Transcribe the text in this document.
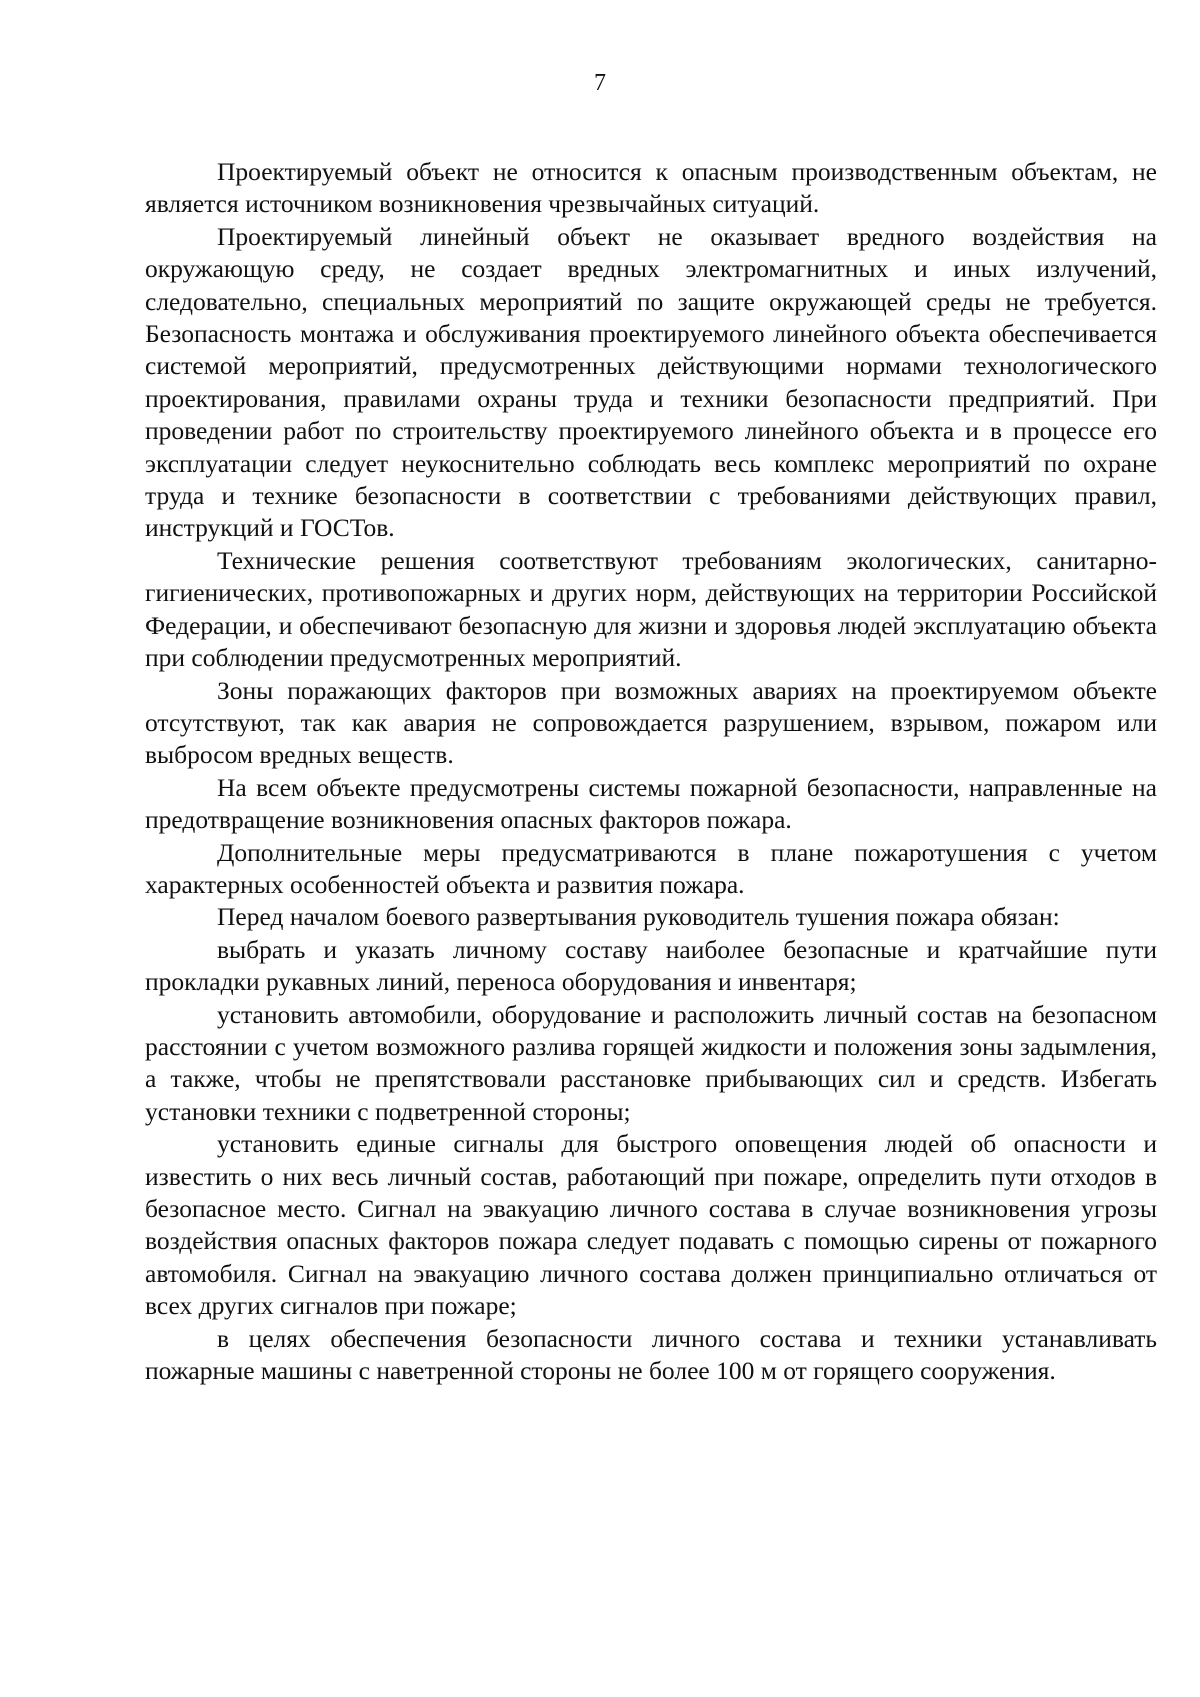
7

Проектируемый объект не относится к опасным производственным объектам, не является источником возникновения чрезвычайных ситуаций.

Проектируемый линейный объект не оказывает вредного воздействия на окружающую среду, не создает вредных электромагнитных и иных излучений, следовательно, специальных мероприятий по защите окружающей среды не требуется. Безопасность монтажа и обслуживания проектируемого линейного объекта обеспечивается системой мероприятий, предусмотренных действующими нормами технологического проектирования, правилами охраны труда и техники безопасности предприятий. При проведении работ по строительству проектируемого линейного объекта и в процессе его эксплуатации следует неукоснительно соблюдать весь комплекс мероприятий по охране труда и технике безопасности в соответствии с требованиями действующих правил, инструкций и ГОСТов.

Технические решения соответствуют требованиям экологических, санитарно-гигиенических, противопожарных и других норм, действующих на территории Российской Федерации, и обеспечивают безопасную для жизни и здоровья людей эксплуатацию объекта при соблюдении предусмотренных мероприятий.

Зоны поражающих факторов при возможных авариях на проектируемом объекте отсутствуют, так как авария не сопровождается разрушением, взрывом, пожаром или выбросом вредных веществ.

На всем объекте предусмотрены системы пожарной безопасности, направленные на предотвращение возникновения опасных факторов пожара.

Дополнительные меры предусматриваются в плане пожаротушения с учетом характерных особенностей объекта и развития пожара.

Перед началом боевого развертывания руководитель тушения пожара обязан:

выбрать и указать личному составу наиболее безопасные и кратчайшие пути прокладки рукавных линий, переноса оборудования и инвентаря;

установить автомобили, оборудование и расположить личный состав на безопасном расстоянии с учетом возможного разлива горящей жидкости и положения зоны задымления, а также, чтобы не препятствовали расстановке прибывающих сил и средств. Избегать установки техники с подветренной стороны;

установить единые сигналы для быстрого оповещения людей об опасности и известить о них весь личный состав, работающий при пожаре, определить пути отходов в безопасное место. Сигнал на эвакуацию личного состава в случае возникновения угрозы воздействия опасных факторов пожара следует подавать с помощью сирены от пожарного автомобиля. Сигнал на эвакуацию личного состава должен принципиально отличаться от всех других сигналов при пожаре;

в целях обеспечения безопасности личного состава и техники устанавливать пожарные машины с наветренной стороны не более 100 м от горящего сооружения.
